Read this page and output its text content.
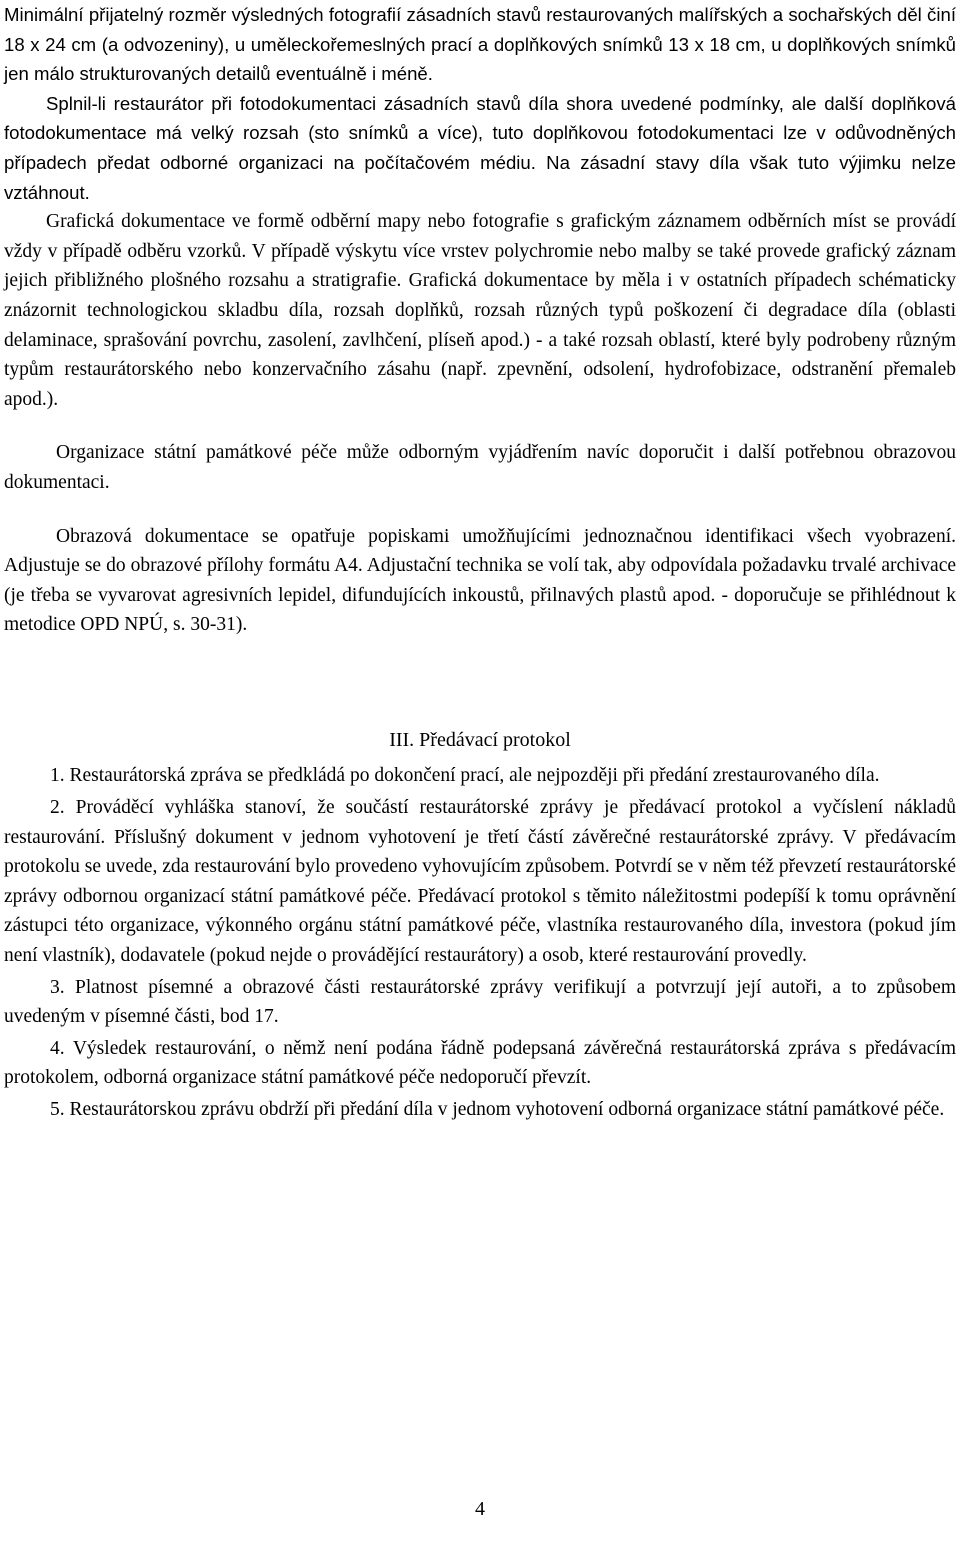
Minimální přijatelný rozměr výsledných fotografií zásadních stavů restaurovaných malířských a sochařských děl činí 18 x 24 cm (a odvozeniny), u uměleckořemeslných prací a doplňkových snímků 13 x 18 cm, u doplňkových snímků jen málo strukturovaných detailů eventuálně i méně.

Splnil-li restaurátor při fotodokumentaci zásadních stavů díla shora uvedené podmínky, ale další doplňková fotodokumentace má velký rozsah (sto snímků a více), tuto doplňkovou fotodokumentaci lze v odůvodněných případech předat odborné organizaci na počítačovém médiu. Na zásadní stavy díla však tuto výjimku nelze vztáhnout.

Grafická dokumentace ve formě odběrní mapy nebo fotografie s grafickým záznamem odběrních míst se provádí vždy v případě odběru vzorků. V případě výskytu více vrstev polychromie nebo malby se také provede grafický záznam jejich přibližného plošného rozsahu a stratigrafie. Grafická dokumentace by měla i v ostatních případech schématicky znázornit technologickou skladbu díla, rozsah doplňků, rozsah různých typů poškození či degradace díla (oblasti delaminace, sprašování povrchu, zasolení, zavlhčení, plíseň apod.) - a také rozsah oblastí, které byly podrobeny různým typům restaurátorského nebo konzervačního zásahu (např. zpevnění, odsolení, hydrofobizace, odstranění přemaleb apod.).

Organizace státní památkové péče může odborným vyjádřením navíc doporučit i další potřebnou obrazovou dokumentaci.

Obrazová dokumentace se opatřuje popiskami umožňujícími jednoznačnou identifikaci všech vyobrazení. Adjustuje se do obrazové přílohy formátu A4. Adjustační technika se volí tak, aby odpovídala požadavku trvalé archivace (je třeba se vyvarovat agresivních lepidel, difundujících inkoustů, přilnavých plastů apod. - doporučuje se přihlédnout k metodice OPD NPÚ, s. 30-31).

III. Předávací protokol

1. Restaurátorská zpráva se předkládá po dokončení prací, ale nejpozději při předání zrestaurovaného díla.

2. Prováděcí vyhláška stanoví, že součástí restaurátorské zprávy je předávací protokol a vyčíslení nákladů restaurování. Příslušný dokument v jednom vyhotovení je třetí částí závěrečné restaurátorské zprávy. V předávacím protokolu se uvede, zda restaurování bylo provedeno vyhovujícím způsobem. Potvrdí se v něm též převzetí restaurátorské zprávy odbornou organizací státní památkové péče. Předávací protokol s těmito náležitostmi podepíší k tomu oprávnění zástupci této organizace, výkonného orgánu státní památkové péče, vlastníka restaurovaného díla, investora (pokud jím není vlastník), dodavatele (pokud nejde o provádějící restaurátory) a osob, které restaurování provedly.

3. Platnost písemné a obrazové části restaurátorské zprávy verifikují a potvrzují její autoři, a to způsobem uvedeným v písemné části, bod 17.

4. Výsledek restaurování, o němž není podána řádně podepsaná závěrečná restaurátorská zpráva s předávacím protokolem, odborná organizace státní památkové péče nedoporučí převzít.

5. Restaurátorskou zprávu obdrží při předání díla v jednom vyhotovení odborná organizace státní památkové péče.

4
